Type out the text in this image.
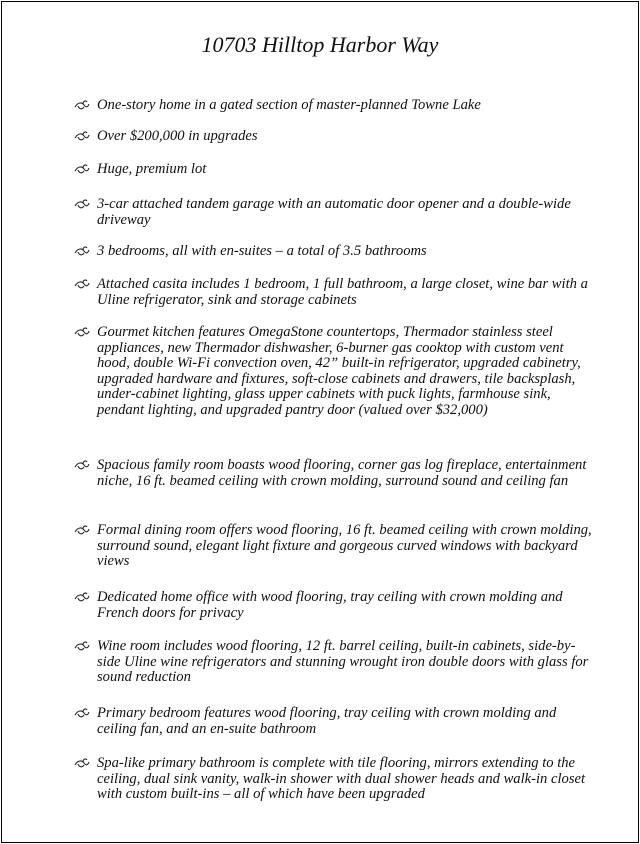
10703 Hilltop Harbor Way
One-story home in a gated section of master-planned Towne Lake
Over $200,000 in upgrades
Huge, premium lot
3-car attached tandem garage with an automatic door opener and a double-wide driveway
3 bedrooms, all with en-suites – a total of 3.5 bathrooms
Attached casita includes 1 bedroom, 1 full bathroom, a large closet, wine bar with a Uline refrigerator, sink and storage cabinets
Gourmet kitchen features OmegaStone countertops, Thermador stainless steel appliances, new Thermador dishwasher, 6-burner gas cooktop with custom vent hood, double Wi-Fi convection oven, 42” built-in refrigerator, upgraded cabinetry, upgraded hardware and fixtures, soft-close cabinets and drawers, tile backsplash, under-cabinet lighting, glass upper cabinets with puck lights, farmhouse sink, pendant lighting, and upgraded pantry door (valued over $32,000)
Spacious family room boasts wood flooring, corner gas log fireplace, entertainment niche, 16 ft. beamed ceiling with crown molding, surround sound and ceiling fan
Formal dining room offers wood flooring, 16 ft. beamed ceiling with crown molding, surround sound, elegant light fixture and gorgeous curved windows with backyard views
Dedicated home office with wood flooring, tray ceiling with crown molding and French doors for privacy
Wine room includes wood flooring, 12 ft. barrel ceiling, built-in cabinets, side-by-side Uline wine refrigerators and stunning wrought iron double doors with glass for sound reduction
Primary bedroom features wood flooring, tray ceiling with crown molding and ceiling fan, and an en-suite bathroom
Spa-like primary bathroom is complete with tile flooring, mirrors extending to the ceiling, dual sink vanity, walk-in shower with dual shower heads and walk-in closet with custom built-ins – all of which have been upgraded
